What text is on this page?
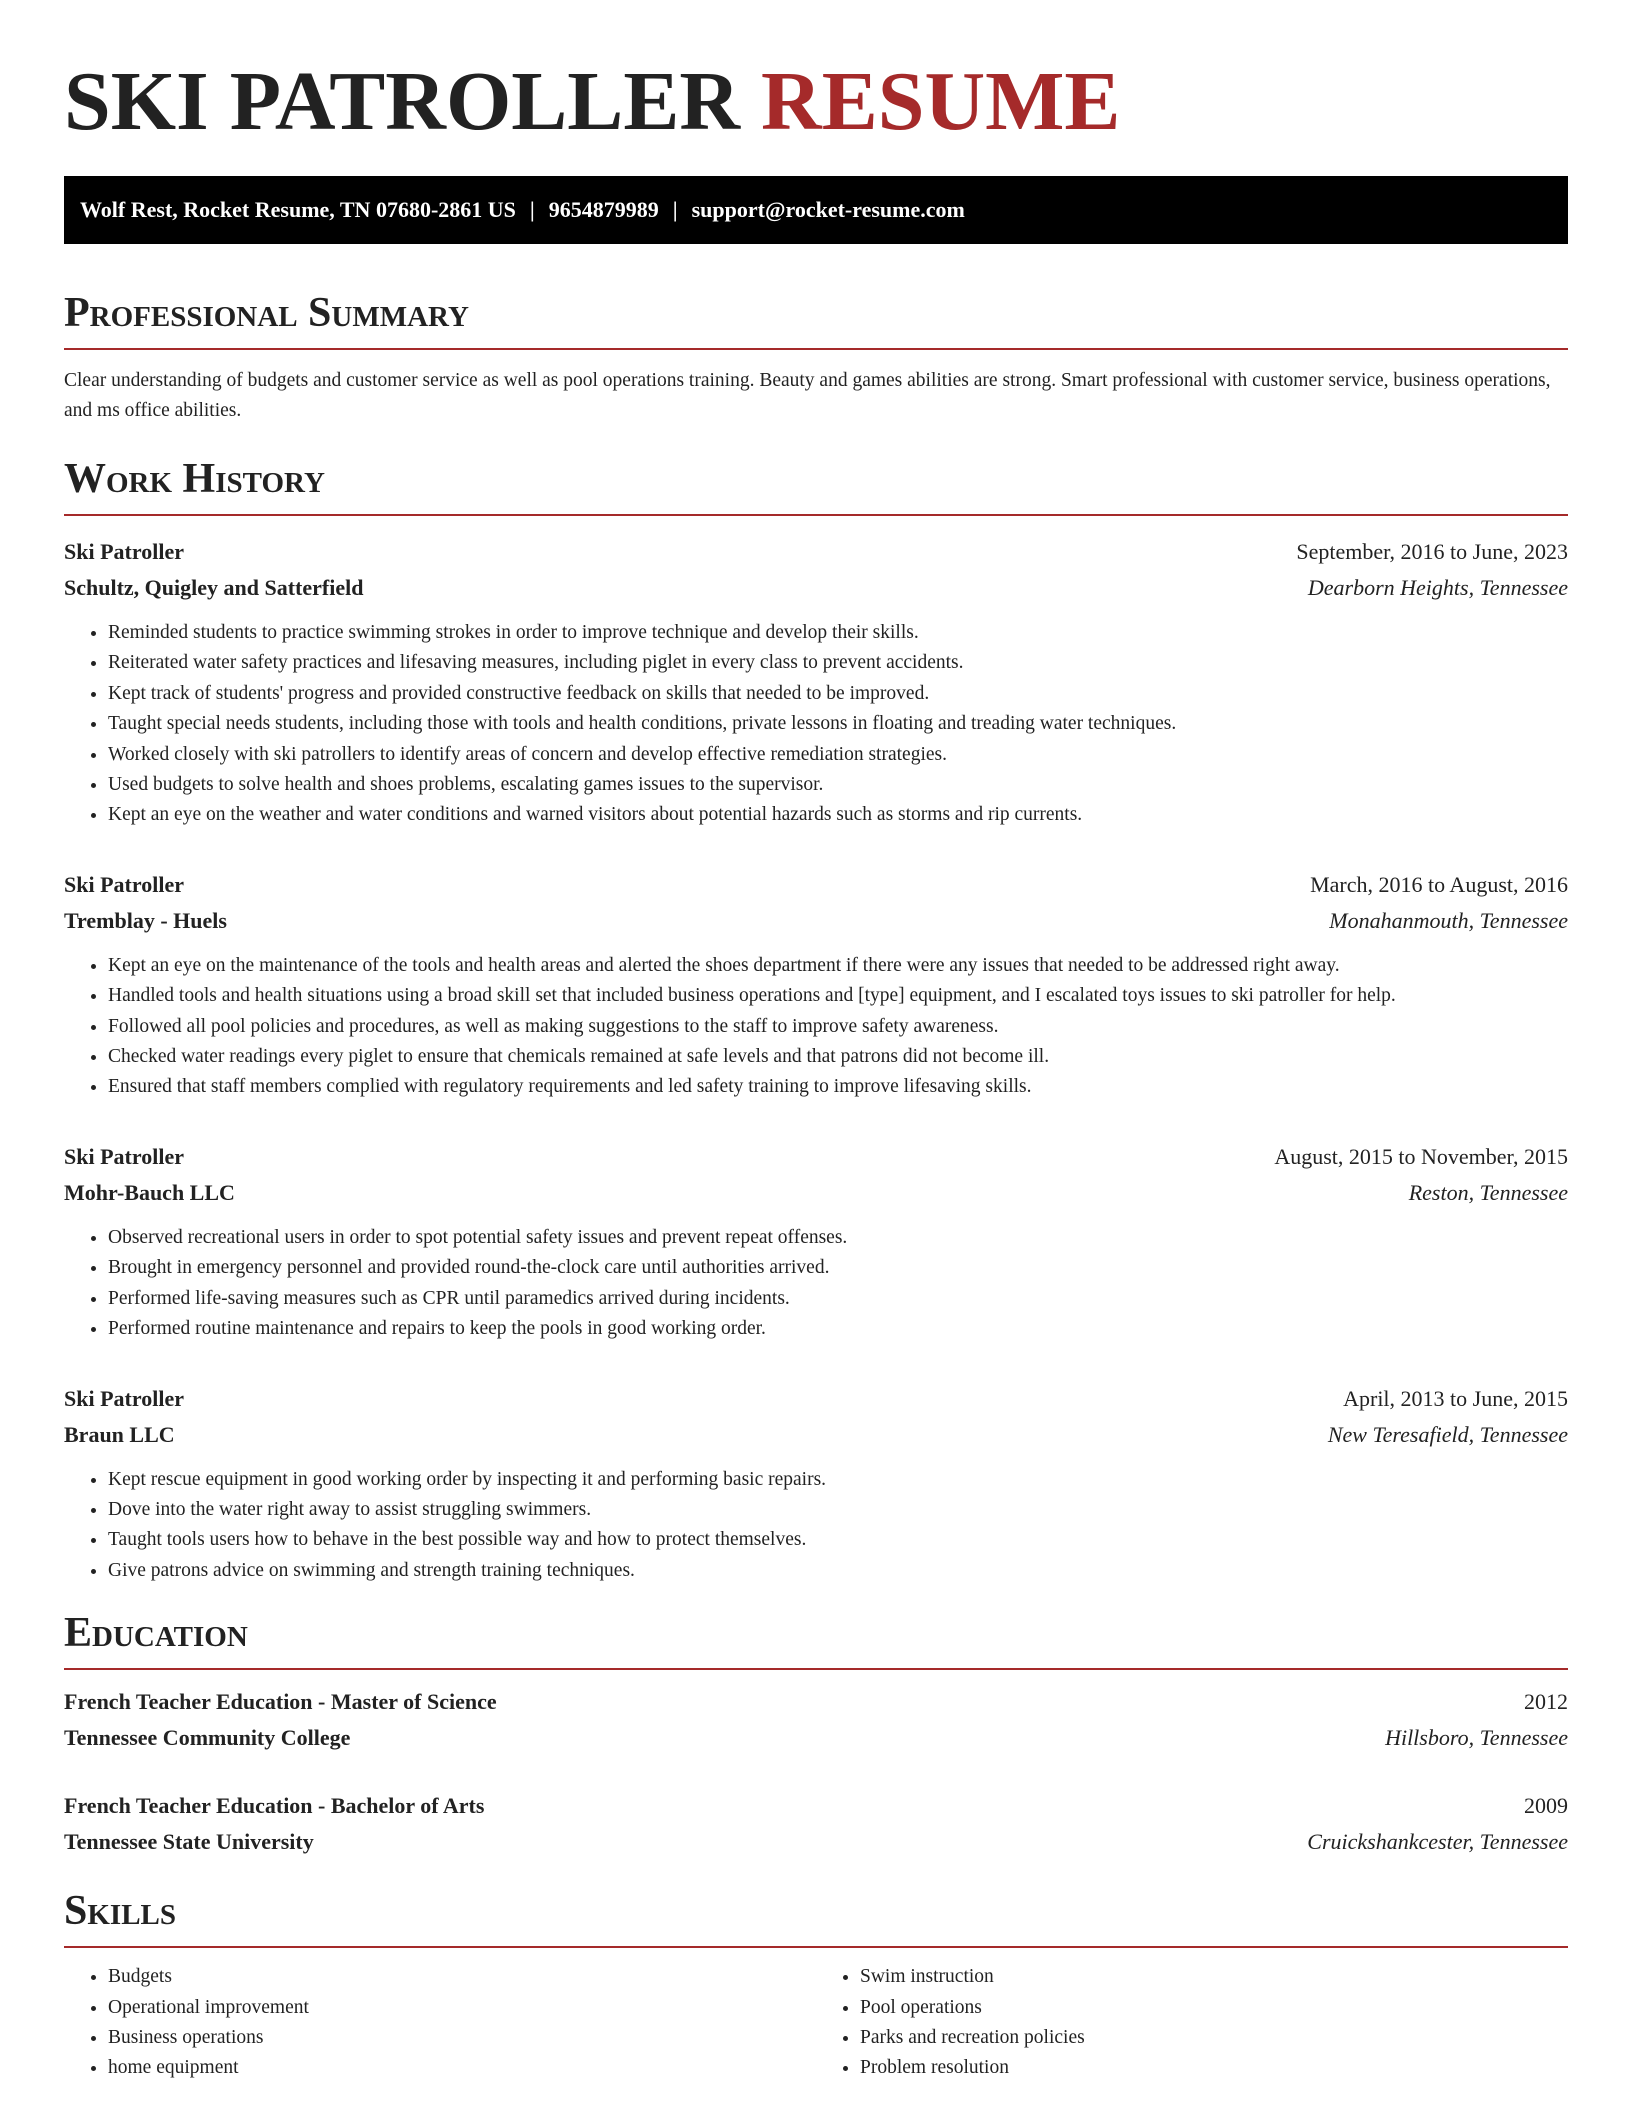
SKI PATROLLER RESUME
Wolf Rest, Rocket Resume, TN 07680-2861 US | 9654879989 | support@rocket-resume.com
Professional Summary

Clear understanding of budgets and customer service as well as pool operations training. Beauty and games abilities are strong. Smart professional with customer service, business operations, and ms office abilities.

Work History
Ski Patroller	September, 2016 to June, 2023
Schultz, Quigley and Satterfield	Dearborn Heights, Tennessee
• Reminded students to practice swimming strokes in order to improve technique and develop their skills.
• Reiterated water safety practices and lifesaving measures, including piglet in every class to prevent accidents.
• Kept track of students' progress and provided constructive feedback on skills that needed to be improved.
• Taught special needs students, including those with tools and health conditions, private lessons in floating and treading water techniques.
• Worked closely with ski patrollers to identify areas of concern and develop effective remediation strategies.
• Used budgets to solve health and shoes problems, escalating games issues to the supervisor.
• Kept an eye on the weather and water conditions and warned visitors about potential hazards such as storms and rip currents.
Ski Patroller	March, 2016 to August, 2016
Tremblay - Huels	Monahanmouth, Tennessee
• Kept an eye on the maintenance of the tools and health areas and alerted the shoes department if there were any issues that needed to be addressed right away.
• Handled tools and health situations using a broad skill set that included business operations and [type] equipment, and I escalated toys issues to ski patroller for help.
• Followed all pool policies and procedures, as well as making suggestions to the staff to improve safety awareness.
• Checked water readings every piglet to ensure that chemicals remained at safe levels and that patrons did not become ill.
• Ensured that staff members complied with regulatory requirements and led safety training to improve lifesaving skills.
Ski Patroller	August, 2015 to November, 2015
Mohr-Bauch LLC	Reston, Tennessee
• Observed recreational users in order to spot potential safety issues and prevent repeat offenses.
• Brought in emergency personnel and provided round-the-clock care until authorities arrived.
• Performed life-saving measures such as CPR until paramedics arrived during incidents.
• Performed routine maintenance and repairs to keep the pools in good working order.
Ski Patroller	April, 2013 to June, 2015
Braun LLC	New Teresafield, Tennessee
• Kept rescue equipment in good working order by inspecting it and performing basic repairs.
• Dove into the water right away to assist struggling swimmers.
• Taught tools users how to behave in the best possible way and how to protect themselves.
• Give patrons advice on swimming and strength training techniques.
Education
French Teacher Education - Master of Science	2012
Tennessee Community College	Hillsboro, Tennessee
French Teacher Education - Bachelor of Arts	2009
Tennessee State University	Cruickshankcester, Tennessee
Skills
• Budgets
• Operational improvement
• Business operations
• home equipment
• Swim instruction
• Pool operations
• Parks and recreation policies
• Problem resolution
